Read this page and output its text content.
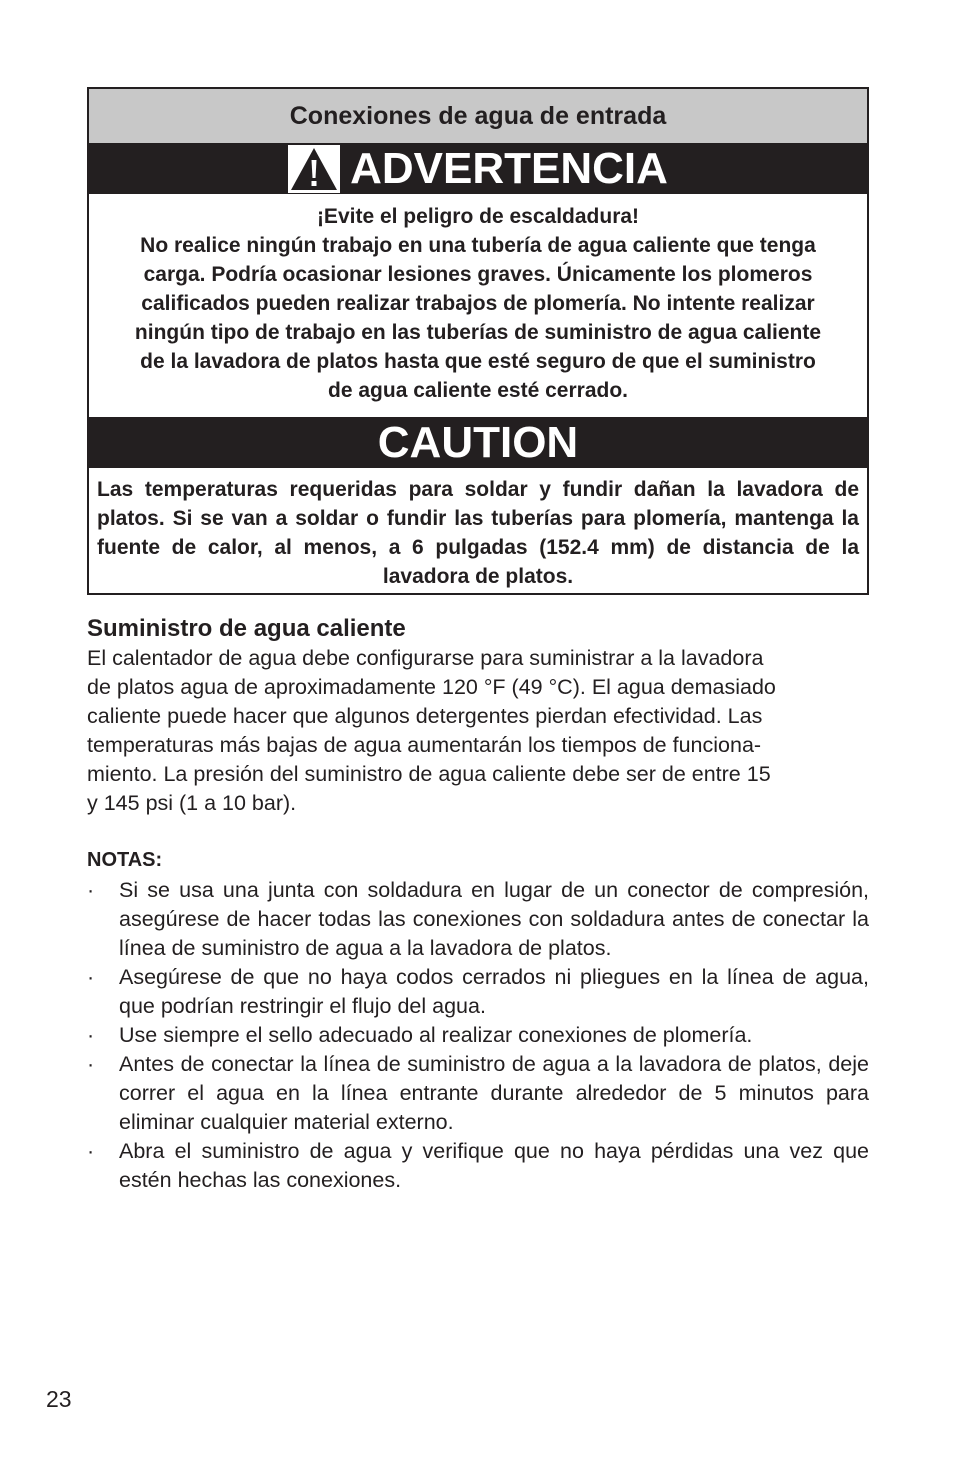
Conexiones de agua de entrada
ADVERTENCIA
¡Evite el peligro de escaldadura!
No realice ningún trabajo en una tubería de agua caliente que tenga
carga. Podría ocasionar lesiones graves. Únicamente los plomeros
calificados pueden realizar trabajos de plomería. No intente realizar
ningún tipo de trabajo en las tuberías de suministro de agua caliente
de la lavadora de platos hasta que esté seguro de que el suministro
de agua caliente esté cerrado.
CAUTION
Las temperaturas requeridas para soldar y fundir dañan la lavadora de platos. Si se van a soldar o fundir las tuberías para plomería, mantenga la fuente de calor, al menos, a 6 pulgadas (152.4 mm) de distancia de la lavadora de platos.
Suministro de agua caliente
El calentador de agua debe configurarse para suministrar a la lavadora
de platos agua de aproximadamente 120 °F (49 °C). El agua demasiado
caliente puede hacer que algunos detergentes pierdan efectividad. Las
temperaturas más bajas de agua aumentarán los tiempos de funciona-
miento. La presión del suministro de agua caliente debe ser de entre 15
y 145 psi (1 a 10 bar).
NOTAS:
· Si se usa una junta con soldadura en lugar de un conector de compresión, asegúrese de hacer todas las conexiones con soldadura antes de conectar la línea de suministro de agua a la lavadora de platos.
· Asegúrese de que no haya codos cerrados ni pliegues en la línea de agua, que podrían restringir el flujo del agua.
· Use siempre el sello adecuado al realizar conexiones de plomería.
· Antes de conectar la línea de suministro de agua a la lavadora de platos, deje correr el agua en la línea entrante durante alrededor de 5 minutos para eliminar cualquier material externo.
· Abra el suministro de agua y verifique que no haya pérdidas una vez que estén hechas las conexiones.
23
